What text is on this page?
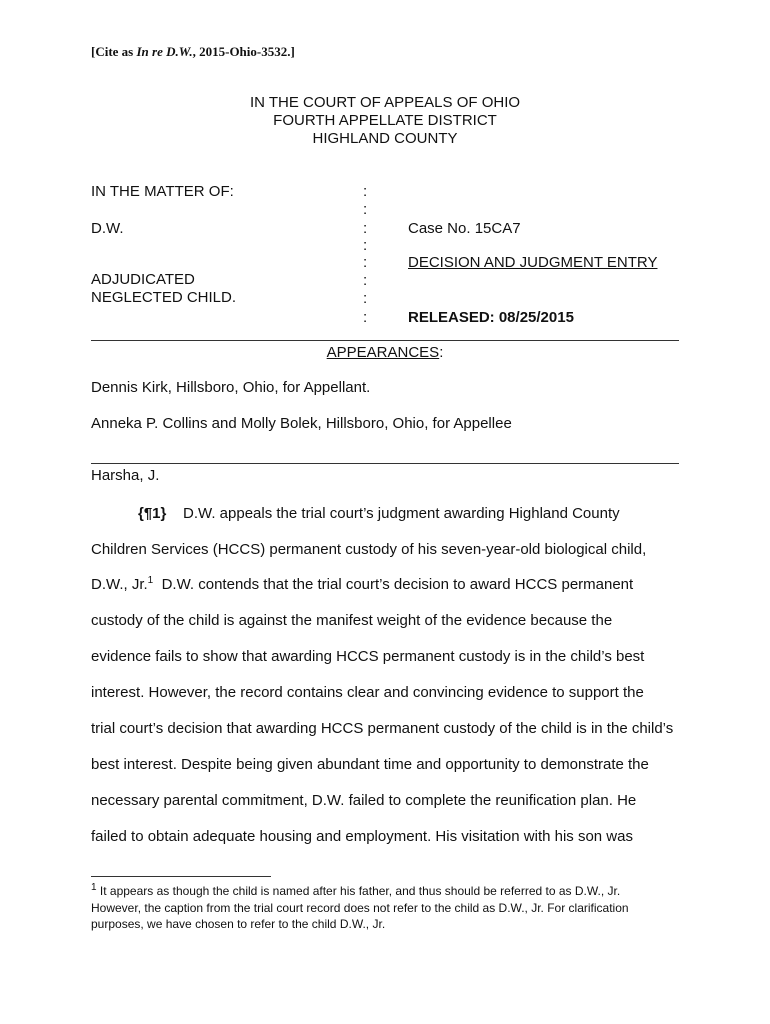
[Cite as In re D.W., 2015-Ohio-3532.]
IN THE COURT OF APPEALS OF OHIO
FOURTH APPELLATE DISTRICT
HIGHLAND COUNTY
IN THE MATTER OF:
D.W.
ADJUDICATED
NEGLECTED CHILD.
:
:
:
:
:
:
:
:
Case No. 15CA7
DECISION AND JUDGMENT ENTRY
RELEASED: 08/25/2015
APPEARANCES:
Dennis Kirk, Hillsboro, Ohio, for Appellant.
Anneka P. Collins and Molly Bolek, Hillsboro, Ohio, for Appellee
Harsha, J.
{¶1} D.W. appeals the trial court’s judgment awarding Highland County
Children Services (HCCS) permanent custody of his seven-year-old biological child,
D.W., Jr.$^1$ D.W. contends that the trial court’s decision to award HCCS permanent
custody of the child is against the manifest weight of the evidence because the
evidence fails to show that awarding HCCS permanent custody is in the child’s best
interest. However, the record contains clear and convincing evidence to support the
trial court’s decision that awarding HCCS permanent custody of the child is in the child’s
best interest. Despite being given abundant time and opportunity to demonstrate the
necessary parental commitment, D.W. failed to complete the reunification plan. He
failed to obtain adequate housing and employment. His visitation with his son was
$^1$ It appears as though the child is named after his father, and thus should be referred to as D.W., Jr.
However, the caption from the trial court record does not refer to the child as D.W., Jr. For clarification
purposes, we have chosen to refer to the child D.W., Jr.
